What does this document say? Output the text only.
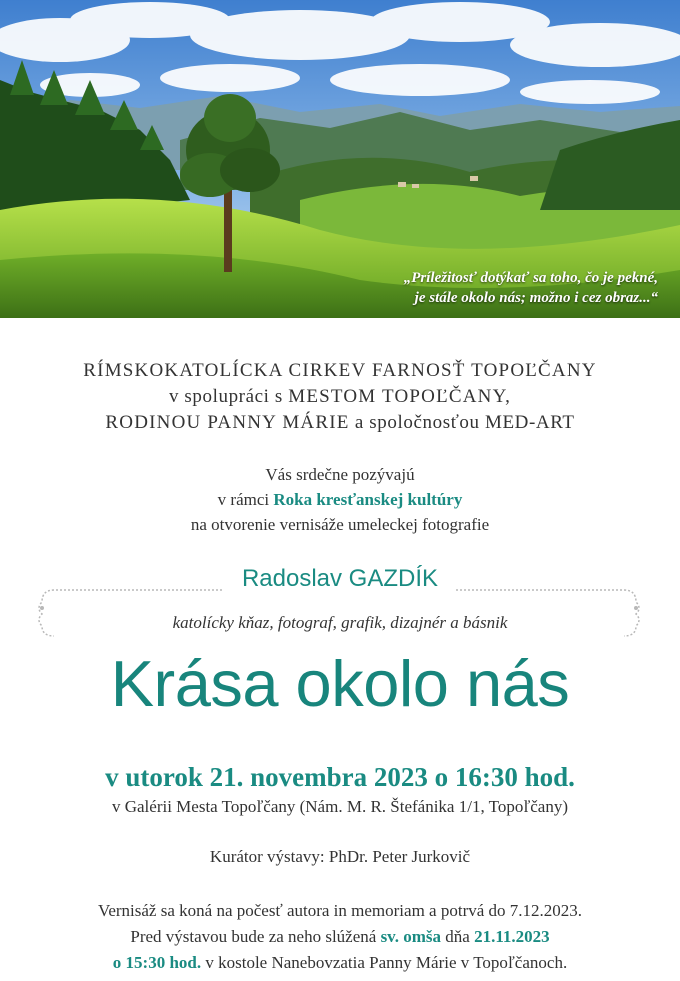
„Príležitosť dotýkať sa toho, čo je pekné,
je stále okolo nás; možno i cez obraz...“
RÍMSKOKATOLÍCKA CIRKEV FARNOSŤ TOPOĽČANY
v spolupráci s MESTOM TOPOĽČANY,
RODINOU PANNY MÁRIE a spoločnosťou MED-ART
Vás srdečne pozývajú
v rámci Roka kresťanskej kultúry
na otvorenie vernisáže umeleckej fotografie
Radoslav GAZDÍK
katolícky kňaz, fotograf, grafik, dizajnér a básnik
Krása okolo nás
v utorok 21. novembra 2023 o 16:30 hod.
v Galérii Mesta Topoľčany (Nám. M. R. Štefánika 1/1, Topoľčany)
Kurátor výstavy: PhDr. Peter Jurkovič
Vernisáž sa koná na počesť autora in memoriam a potrvá do 7.12.2023.
Pred výstavou bude za neho slúžená sv. omša dňa 21.11.2023
o 15:30 hod. v kostole Nanebovzatia Panny Márie v Topoľčanoch.
